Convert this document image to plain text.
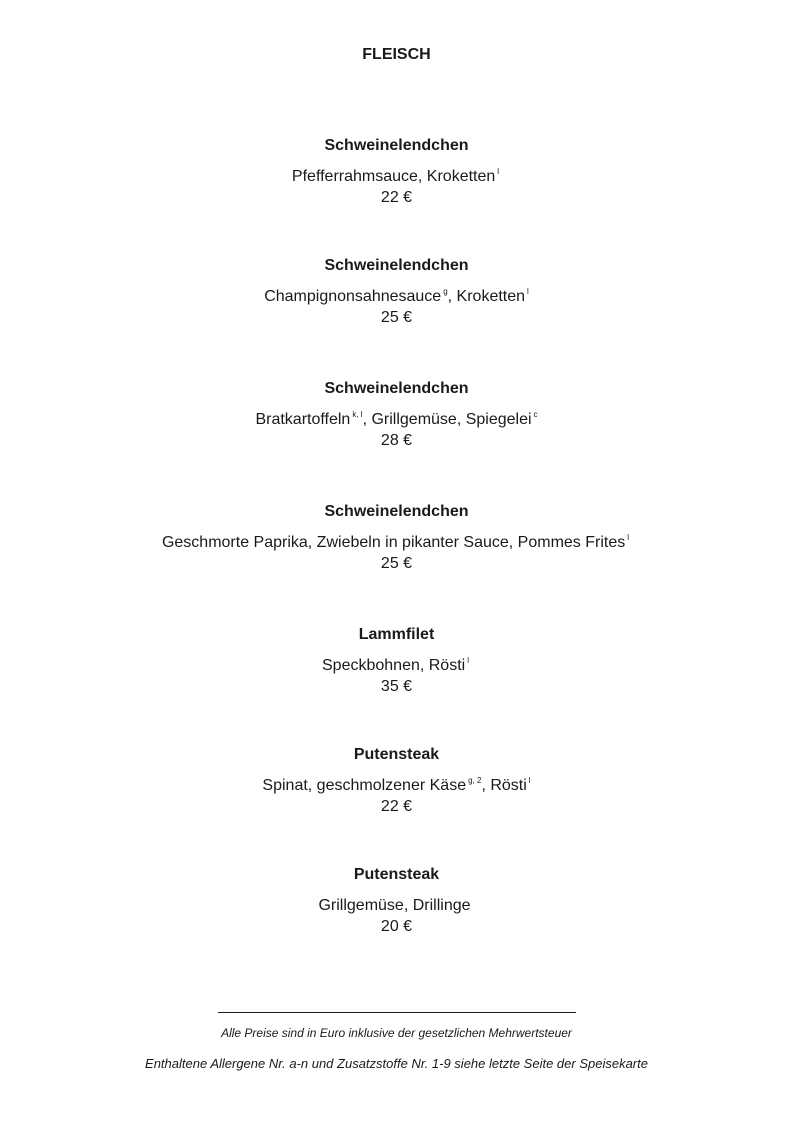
FLEISCH
Schweinelendchen
Pfefferrahmsauce, Kroketten $^l$
22 €
Schweinelendchen
Champignonsahnesauce $^g$, Kroketten $^l$
25 €
Schweinelendchen
Bratkartoffeln $^{k, l}$, Grillgemüse, Spiegelei $^c$
28 €
Schweinelendchen
Geschmorte Paprika, Zwiebeln in pikanter Sauce, Pommes Frites $^l$
25 €
Lammfilet
Speckbohnen, Rösti $^l$
35 €
Putensteak
Spinat, geschmolzener Käse $^{g, 2}$, Rösti $^l$
22 €
Putensteak
Grillgemüse, Drillinge
20 €
Alle Preise sind in Euro inklusive der gesetzlichen Mehrwertsteuer
Enthaltene Allergene Nr. a-n und Zusatzstoffe Nr. 1-9 siehe letzte Seite der Speisekarte
